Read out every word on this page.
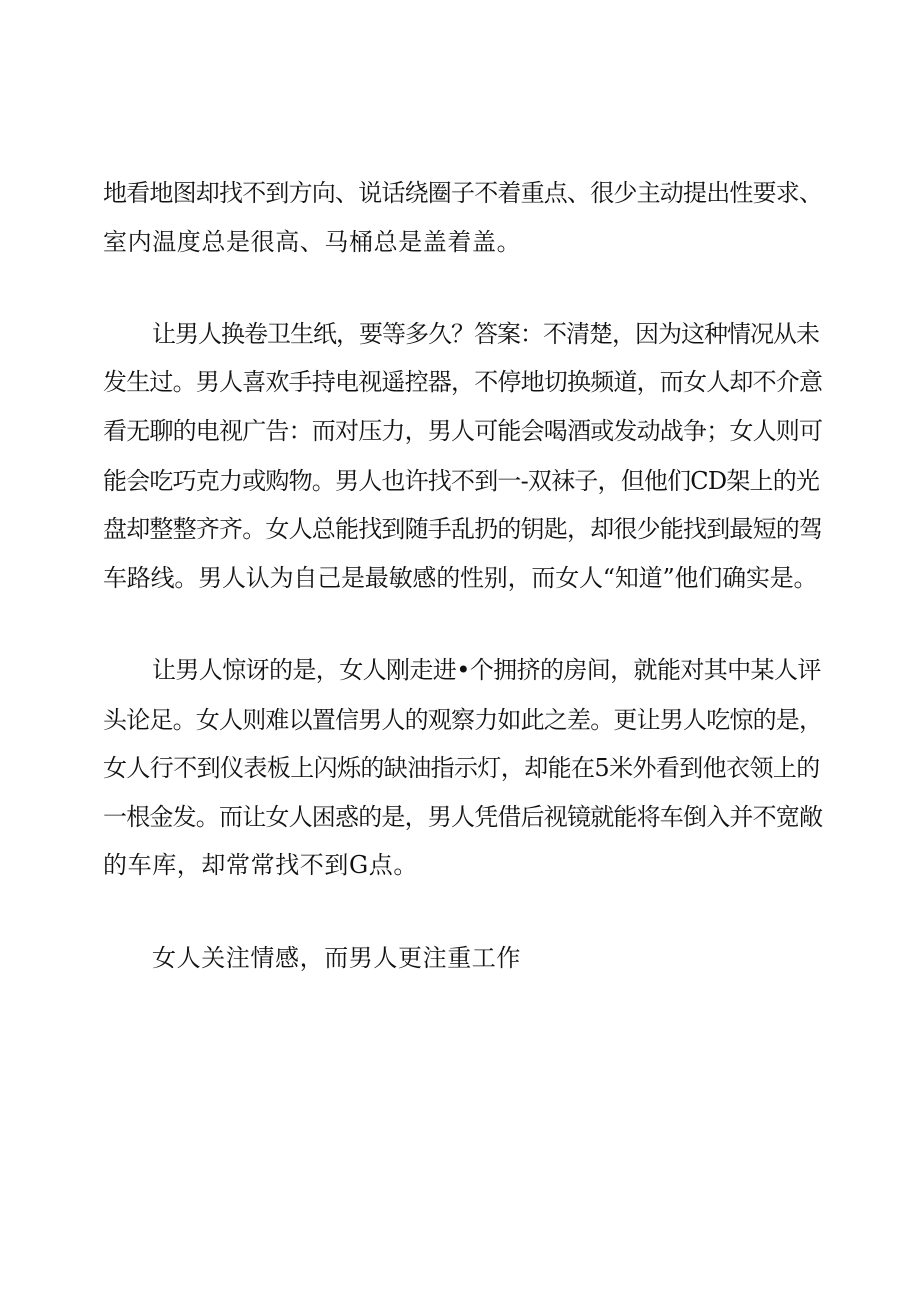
地看地图却找不到方向、说话绕圈子不着重点、很少主动提出性要求、
室内温度总是很高、马桶总是盖着盖。
让男人换卷卫生纸，要等多久？答案：不清楚，因为这种情况从未
发生过。男人喜欢手持电视遥控器，不停地切换频道，而女人却不介意
看无聊的电视广告：而对压力，男人可能会喝酒或发动战争；女人则可
能会吃巧克力或购物。男人也许找不到一-双袜子，但他们CD架上的光
盘却整整齐齐。女人总能找到随手乱扔的钥匙，却很少能找到最短的驾
车路线。男人认为自己是最敏感的性别，而女人“知道”他们确实是。
让男人惊讶的是，女人刚走进•个拥挤的房间，就能对其中某人评
头论足。女人则难以置信男人的观察力如此之差。更让男人吃惊的是，
女人行不到仪表板上闪烁的缺油指示灯，却能在5米外看到他衣领上的
一根金发。而让女人困惑的是，男人凭借后视镜就能将车倒入并不宽敞
的车库，却常常找不到G点。
女人关注情感，而男人更注重工作
